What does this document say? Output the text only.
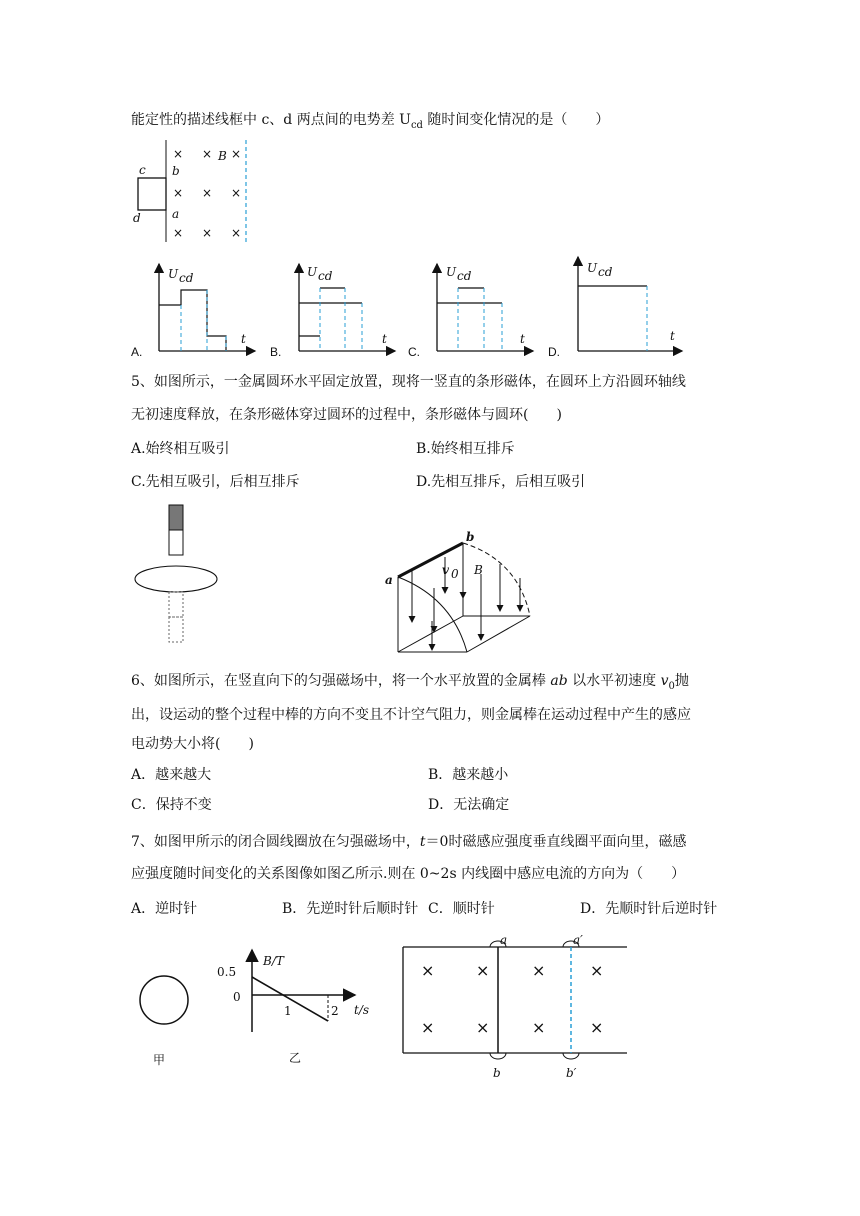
能定性的描述线框中 c、d 两点间的电势差 $U_{cd}$ 随时间变化情况的是（　　）
c b
d	a
B
× × ×
× × ×
× × ×
U cd
t
U cd
t
U cd
t
U cd
t
A.	B.	C.	D.
5、如图所示，一金属圆环水平固定放置，现将一竖直的条形磁体，在圆环上方沿圆环轴线
无初速度释放，在条形磁体穿过圆环的过程中，条形磁体与圆环(　　)
A.始终相互吸引	B.始终相互排斥
C.先相互吸引，后相互排斥	D.先相互排斥，后相互吸引
a
b
v 0 B
6、如图所示，在竖直向下的匀强磁场中，将一个水平放置的金属棒 ab 以水平初速度 $v_0$抛
出，设运动的整个过程中棒的方向不变且不计空气阻力，则金属棒在运动过程中产生的感应
电动势大小将(　　)
A．越来越大	B．越来越小
C．保持不变	D．无法确定
7、如图甲所示的闭合圆线圈放在匀强磁场中，t＝0时磁感应强度垂直线圈平面向里，磁感
应强度随时间变化的关系图像如图乙所示.则在 0~2s 内线圈中感应电流的方向为（　　）
A．逆时针	B．先逆时针后顺时针 C．顺时针	D．先顺时针后逆时针
甲
B/T
0.5
0
1	2 t/s
乙
×	×	×	×
×	×	×	×
a	a′
b	b′
